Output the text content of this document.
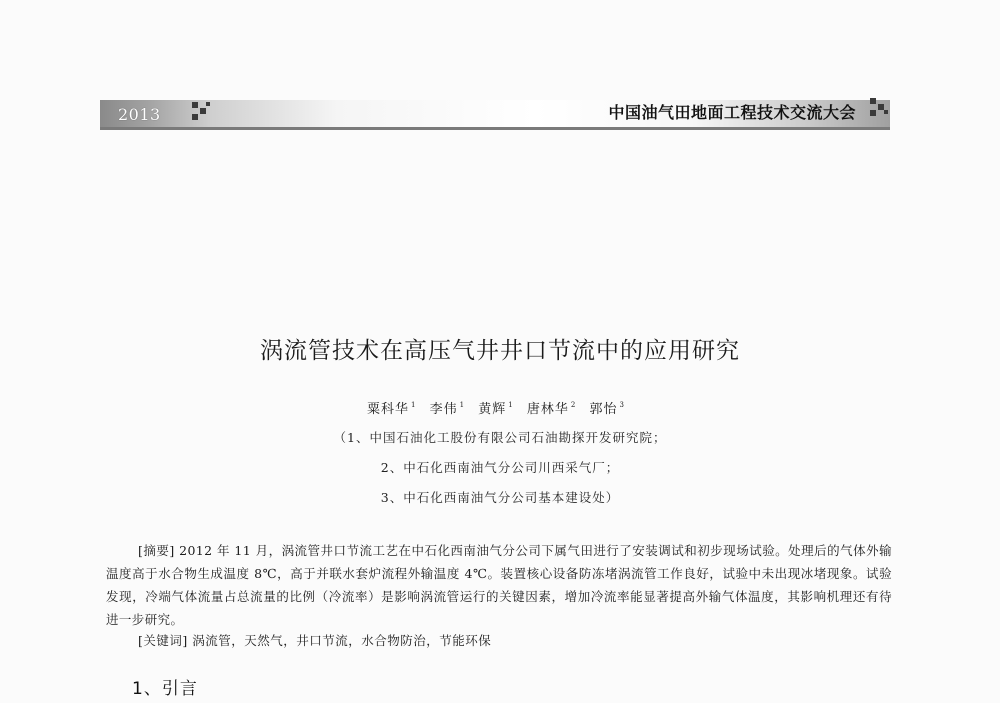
2013	中国油气田地面工程技术交流大会
涡流管技术在高压气井井口节流中的应用研究
粟科华 $^1$ 李伟 $^1$ 黄辉 $^1$ 唐林华 $^2$ 郭怡 $^3$
（1、中国石油化工股份有限公司石油勘探开发研究院；
2、中石化西南油气分公司川西采气厂；
3、中石化西南油气分公司基本建设处）

[摘要] 2012 年 11 月，涡流管井口节流工艺在中石化西南油气分公司下属气田进行了安装调试和初步现场试验。处理后的气体外输温度高于水合物生成温度 8℃，高于并联水套炉流程外输温度 4℃。装置核心设备防冻堵涡流管工作良好，试验中未出现冰堵现象。试验发现，冷端气体流量占总流量的比例（冷流率）是影响涡流管运行的关键因素，增加冷流率能显著提高外输气体温度，其影响机理还有待进一步研究。

[关键词] 涡流管，天然气，井口节流，水合物防治，节能环保
1、引言
